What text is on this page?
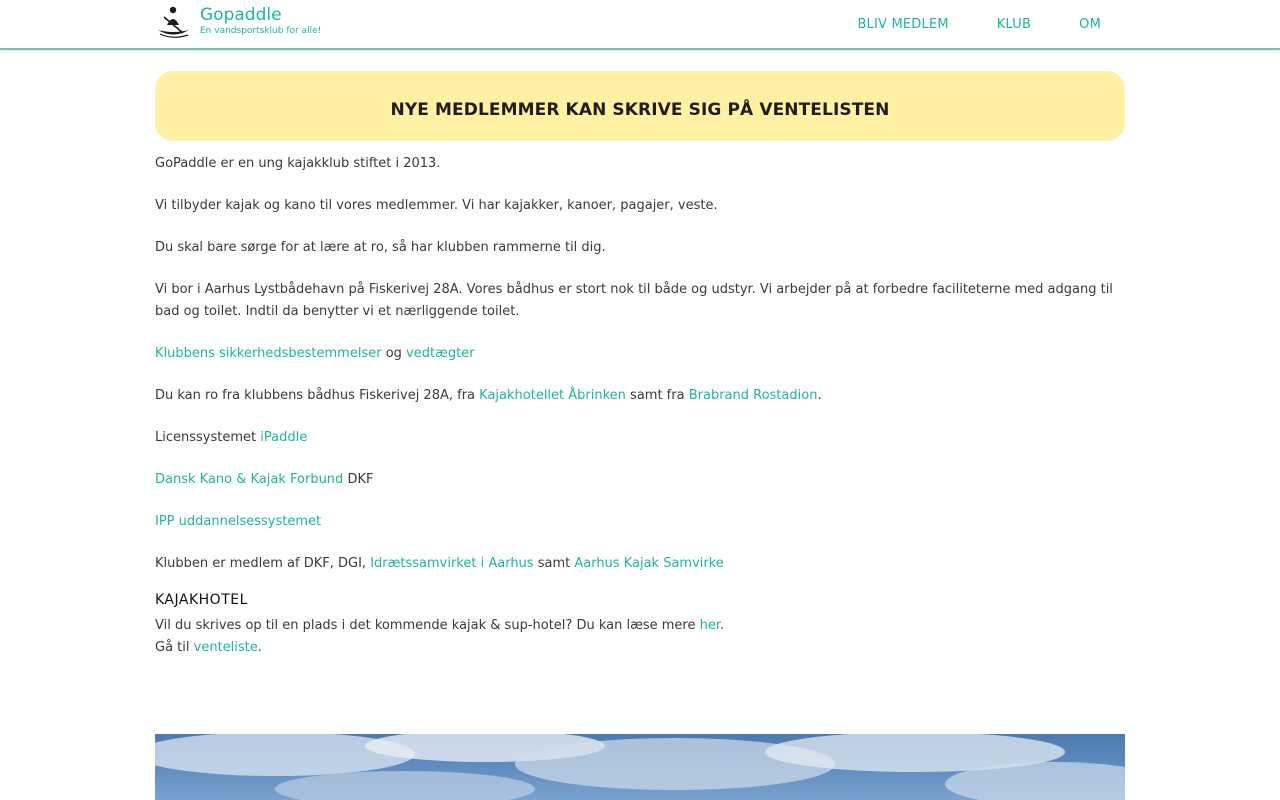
Gopaddle
En vandsportsklub for alle!	BLIV MEDLEM	KLUB	OM
NYE MEDLEMMER KAN SKRIVE SIG PÅ VENTELISTEN

GoPaddle er en ung kajakklub stiftet i 2013.

Vi tilbyder kajak og kano til vores medlemmer. Vi har kajakker, kanoer, pagajer, veste.

Du skal bare sørge for at lære at ro, så har klubben rammerne til dig.

Vi bor i Aarhus Lystbådehavn på Fiskerivej 28A. Vores bådhus er stort nok til både og udstyr. Vi arbejder på at forbedre faciliteterne med adgang til bad og toilet. Indtil da benytter vi et nærliggende toilet.

Klubbens sikkerhedsbestemmelser og vedtægter

Du kan ro fra klubbens bådhus Fiskerivej 28A, fra Kajakhotellet Åbrinken samt fra Brabrand Rostadion.

Licenssystemet iPaddle

Dansk Kano & Kajak Forbund DKF

IPP uddannelsessystemet

Klubben er medlem af DKF, DGI, Idrætssamvirket i Aarhus samt Aarhus Kajak Samvirke

KAJAKHOTEL

Vil du skrives op til en plads i det kommende kajak & sup-hotel? Du kan læse mere her.
Gå til venteliste.
